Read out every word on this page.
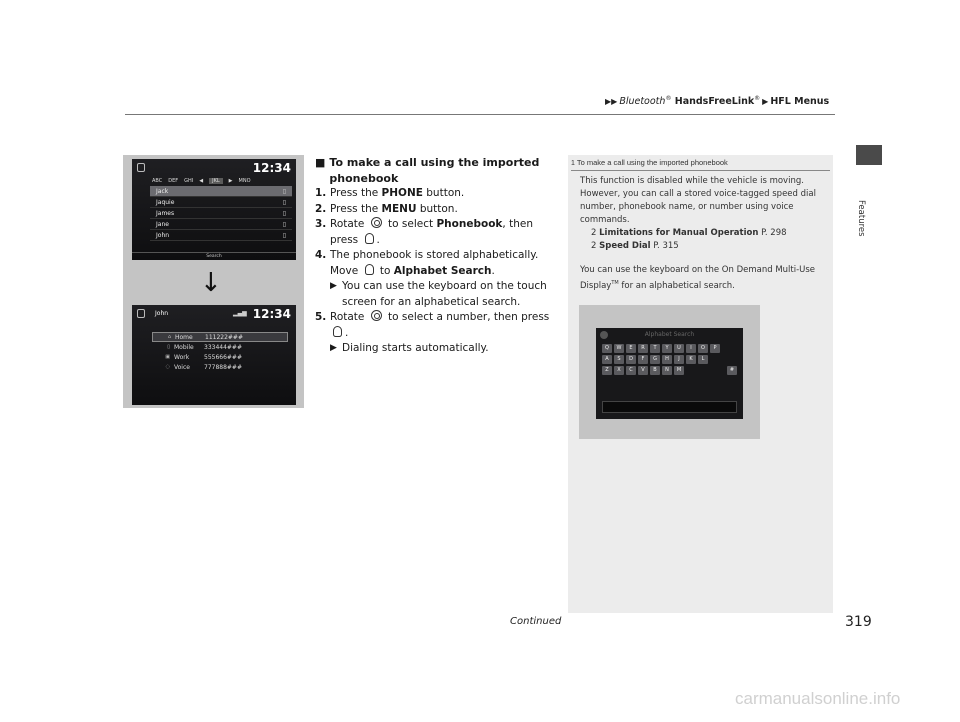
▶▶ Bluetooth® HandsFreeLink® ▶ HFL Menus
Features
12:34
ABC DEF GHI ◀	JKL	▶ MNO
Jack	▯
Jaquie	▯
James	▯
Jane	▯
John	▯
Search
↓
John	▂▄▆ 12:34
⌂ Home	111222###
▯ Mobile	333444###
▣ Work	555666###
◌ Voice	777888###
■ To make a call using the imported phonebook
1. Press the PHONE button.
2. Press the MENU button.
3. Rotate  to select Phonebook, then press .
4. The phonebook is stored alphabetically.
Move  to Alphabet Search.
▶ You can use the keyboard on the touch screen for an alphabetical search.
5. Rotate  to select a number, then press
.
▶ Dialing starts automatically.
1 To make a call using the imported phonebook
This function is disabled while the vehicle is moving. However, you can call a stored voice-tagged speed dial number, phonebook name, or number using voice commands.
2 Limitations for Manual Operation P. 298
2 Speed Dial P. 315
You can use the keyboard on the On Demand Multi-Use Display™ for an alphabetical search.
Alphabet Search
Q	W	E	R	T	Y	U	I	O	P
A	S	D	F	G	H	J	K	L
Z	X	C	V	B	N	M	#
Continued	319
carmanualsonline.info
